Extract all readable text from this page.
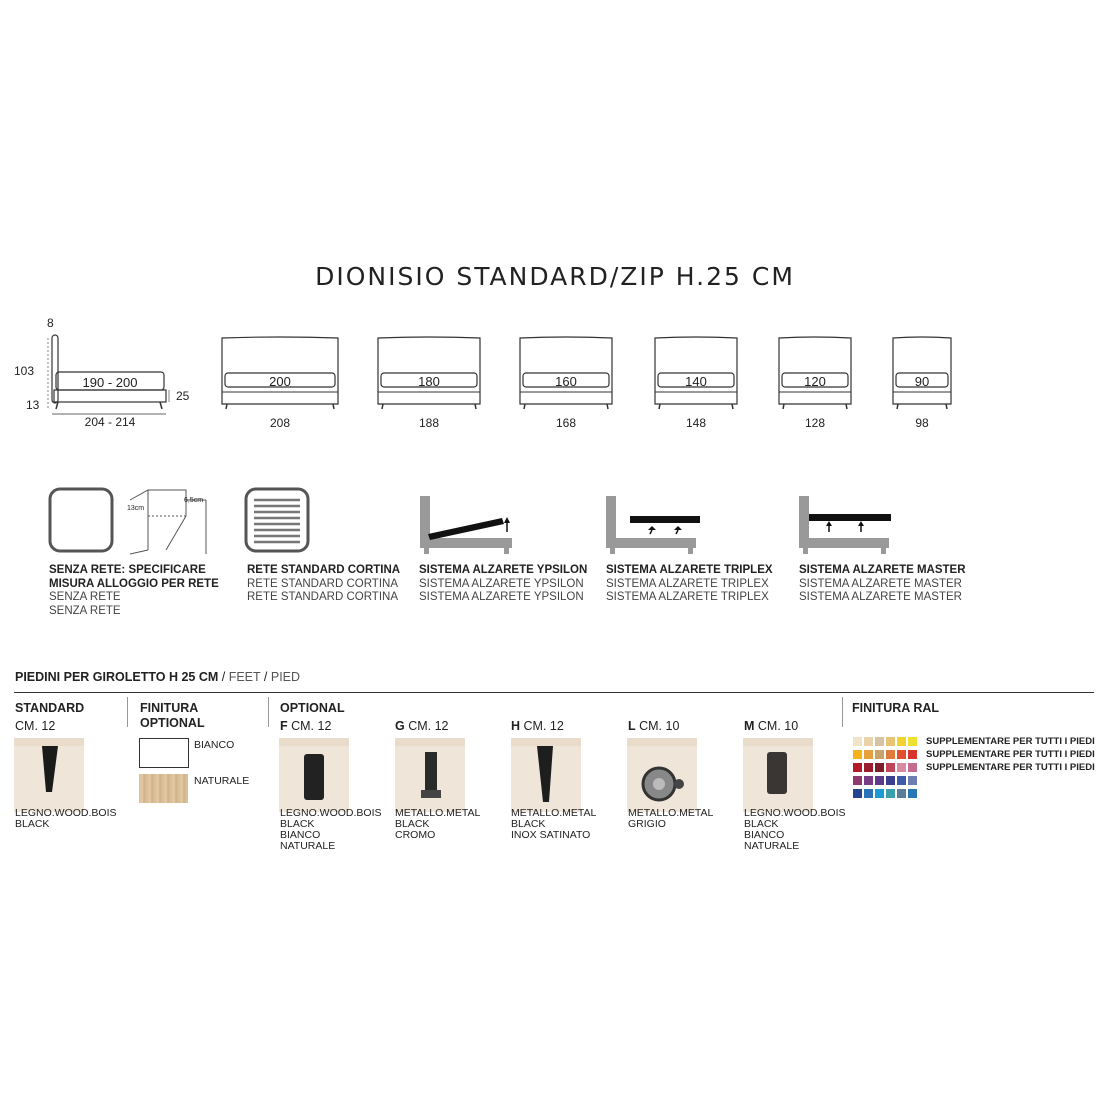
DIONISIO STANDARD/ZIP H.25 CM
8
103
13
190 - 200
25
204 - 214
200
208
180
188
160
168
140
148
120
128
90
98
13cm
6,5cm
SENZA RETE: SPECIFICARE MISURA ALLOGGIO PER RETE
SENZA RETE
SENZA RETE
RETE STANDARD CORTINA
RETE STANDARD CORTINA
RETE STANDARD CORTINA
SISTEMA ALZARETE YPSILON
SISTEMA ALZARETE YPSILON
SISTEMA ALZARETE YPSILON
SISTEMA ALZARETE TRIPLEX
SISTEMA ALZARETE TRIPLEX
SISTEMA ALZARETE TRIPLEX
SISTEMA ALZARETE MASTER
SISTEMA ALZARETE MASTER
SISTEMA ALZARETE MASTER
PIEDINI PER GIROLETTO H 25 CM / FEET / PIED
STANDARD
CM. 12
LEGNO.WOOD.BOIS
BLACK
FINITURA
OPTIONAL
BIANCO
NATURALE
OPTIONAL
F CM. 12
LEGNO.WOOD.BOIS
BLACK
BIANCO
NATURALE
G CM. 12
METALLO.METAL
BLACK
CROMO
H CM. 12
METALLO.METAL
BLACK
INOX SATINATO
L CM. 10
METALLO.METAL
GRIGIO
M CM. 10
LEGNO.WOOD.BOIS
BLACK
BIANCO
NATURALE
FINITURA RAL
SUPPLEMENTARE PER TUTTI I PIEDI
SUPPLEMENTARE PER TUTTI I PIEDI
SUPPLEMENTARE PER TUTTI I PIEDI
